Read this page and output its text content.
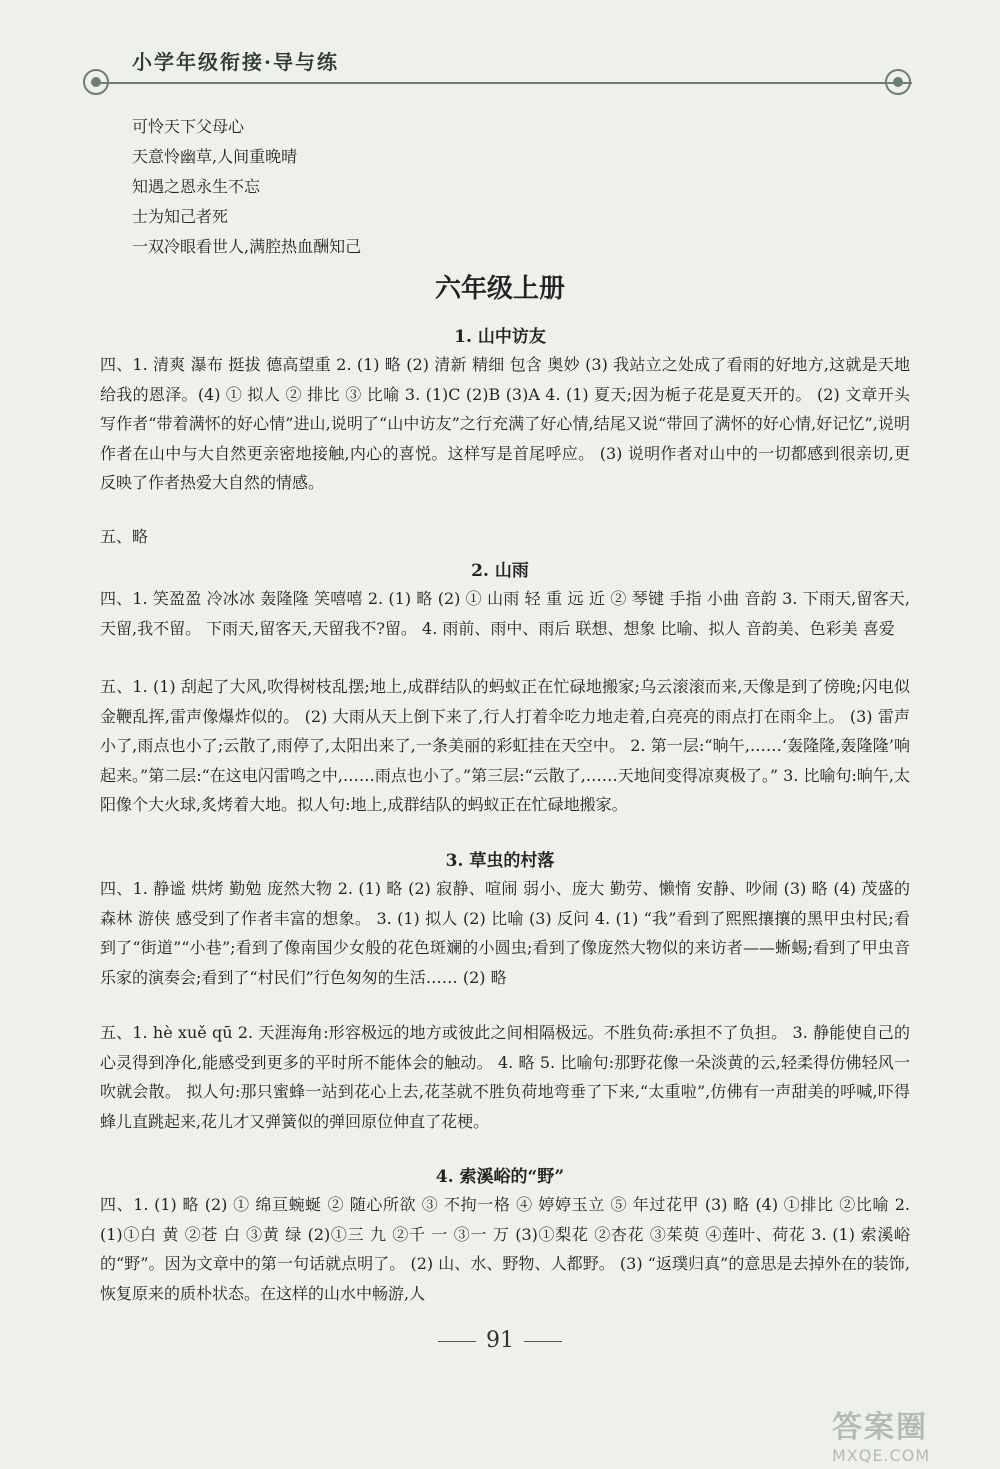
小学年级衔接·导与练
可怜天下父母心
天意怜幽草,人间重晚晴
知遇之恩永生不忘
士为知己者死
一双冷眼看世人,满腔热血酬知己
六年级上册
1. 山中访友
四、1. 清爽 瀑布 挺拔 德高望重 2. (1) 略 (2) 清新 精细 包含 奥妙 (3) 我站立之处成了看雨的好地方,这就是天地给我的恩泽。(4) ① 拟人 ② 排比 ③ 比喻 3. (1)C (2)B (3)A 4. (1) 夏天;因为栀子花是夏天开的。 (2) 文章开头写作者“带着满怀的好心情”进山,说明了“山中访友”之行充满了好心情,结尾又说“带回了满怀的好心情,好记忆”,说明作者在山中与大自然更亲密地接触,内心的喜悦。这样写是首尾呼应。 (3) 说明作者对山中的一切都感到很亲切,更反映了作者热爱大自然的情感。
五、略
2. 山雨
四、1. 笑盈盈 冷冰冰 轰隆隆 笑嘻嘻 2. (1) 略 (2) ① 山雨 轻 重 远 近 ② 琴键 手指 小曲 音韵 3. 下雨天,留客天,天留,我不留。 下雨天,留客天,天留我不?留。 4. 雨前、雨中、雨后 联想、想象 比喻、拟人 音韵美、色彩美 喜爱
五、1. (1) 刮起了大风,吹得树枝乱摆;地上,成群结队的蚂蚁正在忙碌地搬家;乌云滚滚而来,天像是到了傍晚;闪电似金鞭乱挥,雷声像爆炸似的。 (2) 大雨从天上倒下来了,行人打着伞吃力地走着,白亮亮的雨点打在雨伞上。 (3) 雷声小了,雨点也小了;云散了,雨停了,太阳出来了,一条美丽的彩虹挂在天空中。 2. 第一层:“晌午,……‘轰隆隆,轰隆隆’响起来。”第二层:“在这电闪雷鸣之中,……雨点也小了。”第三层:“云散了,……天地间变得凉爽极了。” 3. 比喻句:晌午,太阳像个大火球,炙烤着大地。拟人句:地上,成群结队的蚂蚁正在忙碌地搬家。
3. 草虫的村落
四、1. 静谧 烘烤 勤勉 庞然大物 2. (1) 略 (2) 寂静、喧闹 弱小、庞大 勤劳、懒惰 安静、吵闹 (3) 略 (4) 茂盛的森林 游侠 感受到了作者丰富的想象。 3. (1) 拟人 (2) 比喻 (3) 反问 4. (1) “我”看到了熙熙攘攘的黑甲虫村民;看到了“街道”“小巷”;看到了像南国少女般的花色斑斓的小圆虫;看到了像庞然大物似的来访者——蜥蜴;看到了甲虫音乐家的演奏会;看到了“村民们”行色匆匆的生活…… (2) 略
五、1. hè xuě qū 2. 天涯海角:形容极远的地方或彼此之间相隔极远。不胜负荷:承担不了负担。 3. 静能使自己的心灵得到净化,能感受到更多的平时所不能体会的触动。 4. 略 5. 比喻句:那野花像一朵淡黄的云,轻柔得仿佛轻风一吹就会散。 拟人句:那只蜜蜂一站到花心上去,花茎就不胜负荷地弯垂了下来,“太重啦”,仿佛有一声甜美的呼喊,吓得蜂儿直跳起来,花儿才又弹簧似的弹回原位伸直了花梗。
4. 索溪峪的“野”
四、1. (1) 略 (2) ① 绵亘蜿蜒 ② 随心所欲 ③ 不拘一格 ④ 婷婷玉立 ⑤ 年过花甲 (3) 略 (4) ①排比 ②比喻 2. (1)①白 黄 ②苍 白 ③黄 绿 (2)①三 九 ②千 一 ③一 万 (3)①梨花 ②杏花 ③茱萸 ④莲叶、荷花 3. (1) 索溪峪的“野”。因为文章中的第一句话就点明了。 (2) 山、水、野物、人都野。 (3) “返璞归真”的意思是去掉外在的装饰,恢复原来的质朴状态。在这样的山水中畅游,人
91
答案圈
MXQE.COM
